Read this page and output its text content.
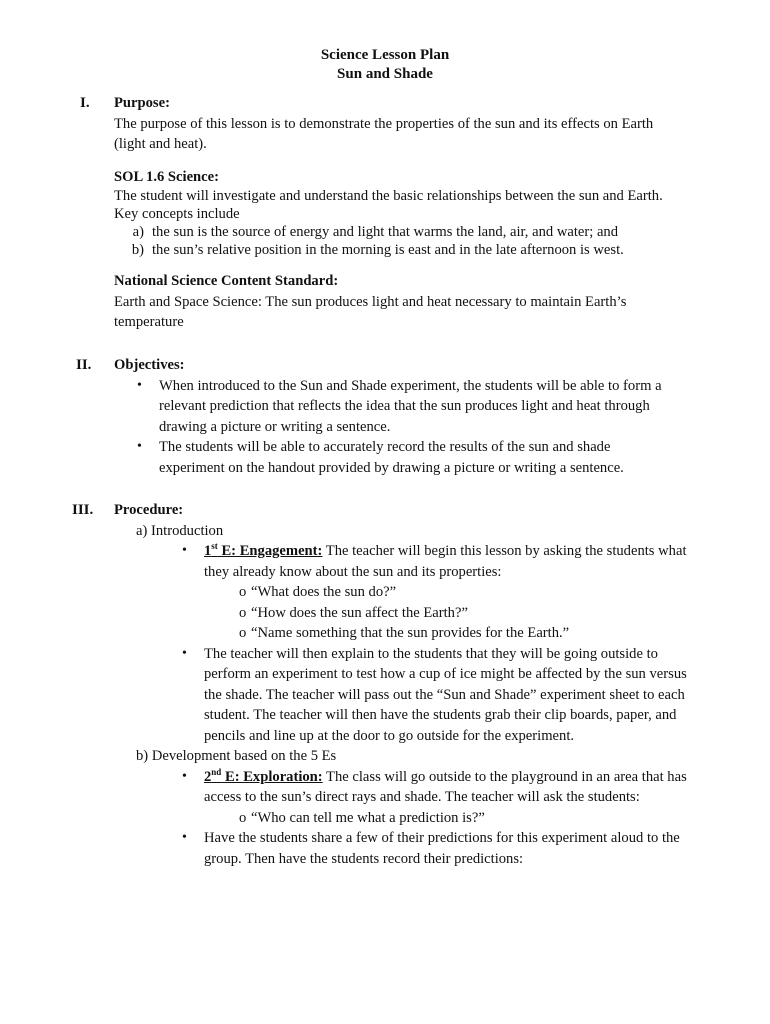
Science Lesson Plan
Sun and Shade
I. Purpose:

The purpose of this lesson is to demonstrate the properties of the sun and its effects on Earth (light and heat).

SOL 1.6 Science:

The student will investigate and understand the basic relationships between the sun and Earth. Key concepts include

a) the sun is the source of energy and light that warms the land, air, and water; and
b) the sun’s relative position in the morning is east and in the late afternoon is west.

National Science Content Standard:

Earth and Space Science: The sun produces light and heat necessary to maintain Earth’s temperature

II. Objectives:

• When introduced to the Sun and Shade experiment, the students will be able to form a relevant prediction that reflects the idea that the sun produces light and heat through drawing a picture or writing a sentence.
• The students will be able to accurately record the results of the sun and shade experiment on the handout provided by drawing a picture or writing a sentence.
III. Procedure:

a) Introduction
• 1st E: Engagement: The teacher will begin this lesson by asking the students what they already know about the sun and its properties:
o “What does the sun do?”
o “How does the sun affect the Earth?”
o “Name something that the sun provides for the Earth.”
• The teacher will then explain to the students that they will be going outside to perform an experiment to test how a cup of ice might be affected by the sun versus the shade. The teacher will pass out the “Sun and Shade” experiment sheet to each student. The teacher will then have the students grab their clip boards, paper, and pencils and line up at the door to go outside for the experiment.
b) Development based on the 5 Es
• 2nd E: Exploration: The class will go outside to the playground in an area that has access to the sun’s direct rays and shade. The teacher will ask the students:
o “Who can tell me what a prediction is?”
• Have the students share a few of their predictions for this experiment aloud to the group. Then have the students record their predictions:
